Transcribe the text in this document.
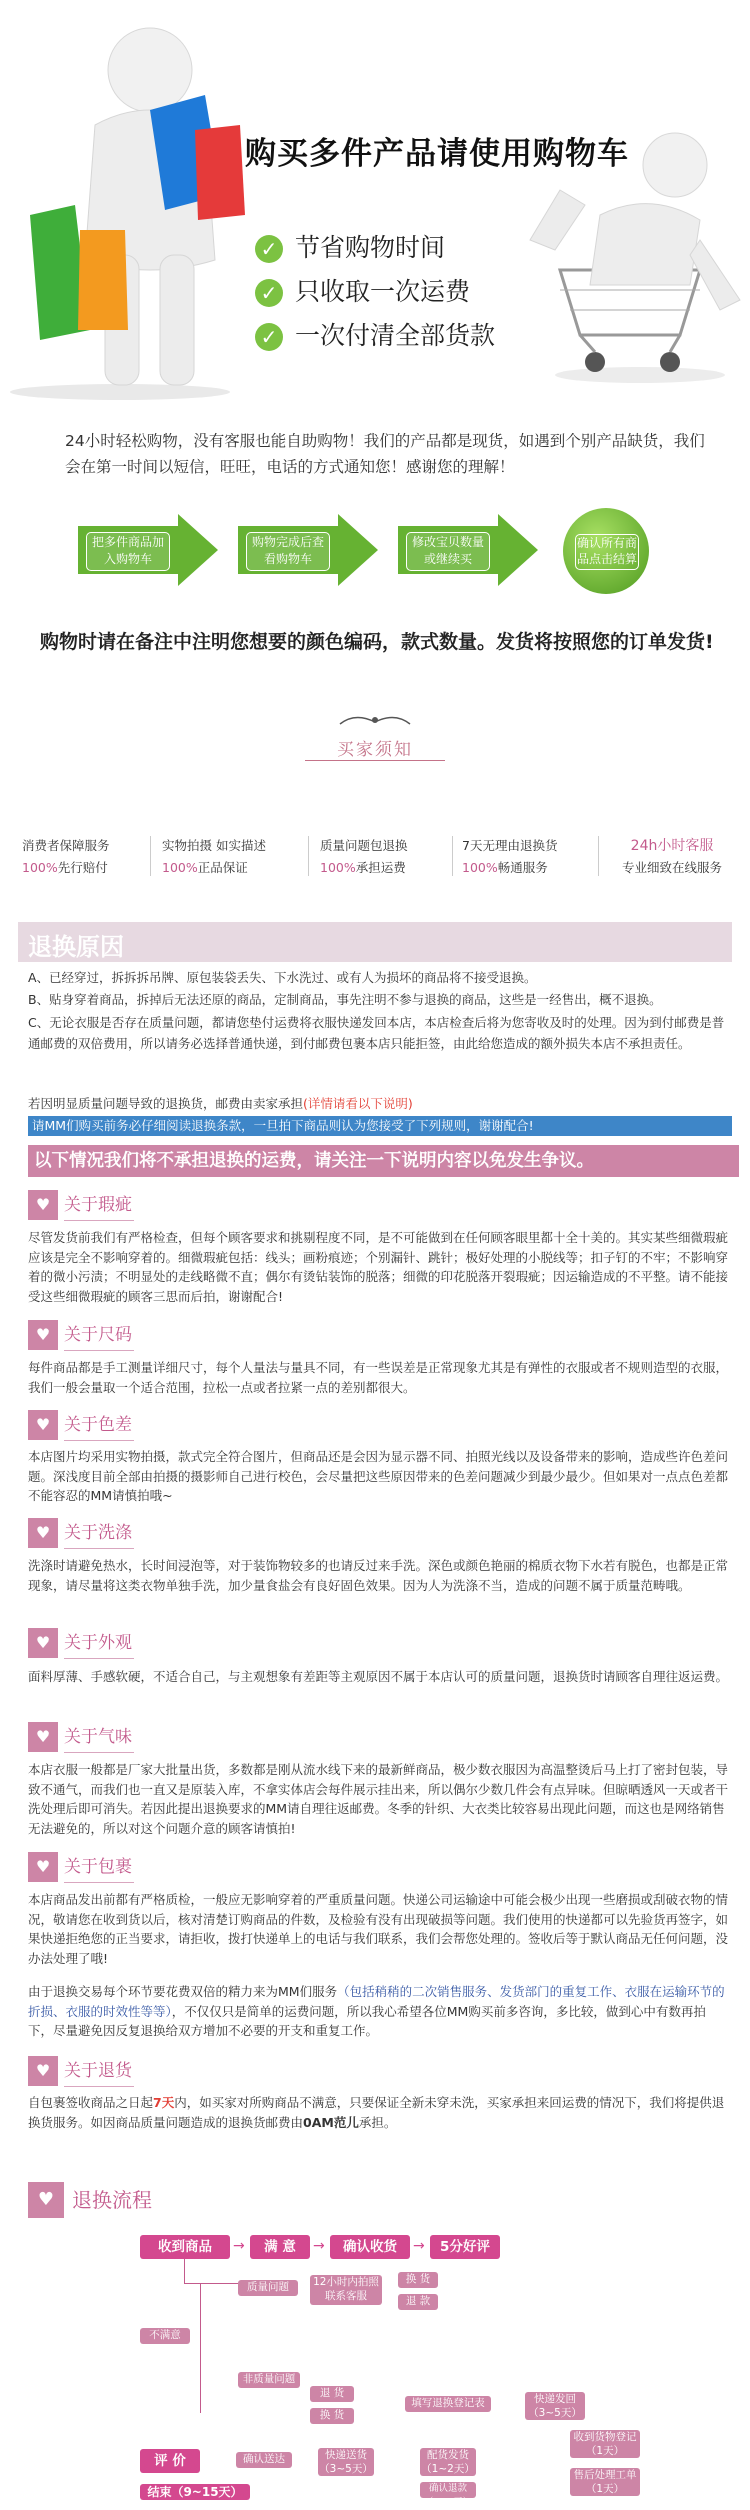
购买多件产品请使用购物车
✓ 节省购物时间
✓ 只收取一次运费
✓ 一次付清全部货款
24小时轻松购物，没有客服也能自助购物！我们的产品都是现货，如遇到个别产品缺货，我们会在第一时间以短信，旺旺，电话的方式通知您！感谢您的理解！
把多件商品加入购物车
购物完成后查看购物车
修改宝贝数量或继续买
确认所有商品点击结算
购物时请在备注中注明您想要的颜色编码，款式数量。发货将按照您的订单发货!
买家须知
消费者保障服务
100%先行赔付
实物拍摄 如实描述
100%正品保证
质量问题包退换
100%承担运费
7天无理由退换货
100%畅通服务
24h小时客服
专业细致在线服务
退换原因
A、已经穿过，拆拆拆吊牌、原包装袋丢失、下水洗过、或有人为损坏的商品将不接受退换。
B、贴身穿着商品，拆掉后无法还原的商品，定制商品，事先注明不参与退换的商品，这些是一经售出，概不退换。
C、无论衣服是否存在质量问题，都请您垫付运费将衣服快递发回本店，本店检查后将为您寄收及时的处理。因为到付邮费是普通邮费的双倍费用，所以请务必选择普通快递，到付邮费包裹本店只能拒签，由此给您造成的额外损失本店不承担责任。
若因明显质量问题导致的退换货，邮费由卖家承担(详情请看以下说明)
请MM们购买前务必仔细阅读退换条款，一旦拍下商品则认为您接受了下列规则，谢谢配合!
以下情况我们将不承担退换的运费，请关注一下说明内容以免发生争议。
♥ 关于瑕疵
尽管发货前我们有严格检查，但每个顾客要求和挑剔程度不同，是不可能做到在任何顾客眼里都十全十美的。其实某些细微瑕疵应该是完全不影响穿着的。细微瑕疵包括：线头；画粉痕迹；个别漏针、跳针；极好处理的小脱线等；扣子钉的不牢；不影响穿着的微小污渍；不明显处的走线略微不直；偶尔有烫钻装饰的脱落；细微的印花脱落开裂瑕疵；因运输造成的不平整。请不能接受这些细微瑕疵的顾客三思而后拍，谢谢配合!
♥ 关于尺码
每件商品都是手工测量详细尺寸，每个人量法与量具不同，有一些误差是正常现象尤其是有弹性的衣服或者不规则造型的衣服，我们一般会量取一个适合范围，拉松一点或者拉紧一点的差别都很大。
♥ 关于色差
本店图片均采用实物拍摄，款式完全符合图片，但商品还是会因为显示器不同、拍照光线以及设备带来的影响，造成些许色差问题。深浅度目前全部由拍摄的摄影师自己进行校色，会尽量把这些原因带来的色差问题减少到最少最少。但如果对一点点色差都不能容忍的MM请慎拍哦~
♥ 关于洗涤
洗涤时请避免热水，长时间浸泡等，对于装饰物较多的也请反过来手洗。深色或颜色艳丽的棉质衣物下水若有脱色，也都是正常现象，请尽量将这类衣物单独手洗，加少量食盐会有良好固色效果。因为人为洗涤不当，造成的问题不属于质量范畴哦。
♥ 关于外观
面料厚薄、手感软硬，不适合自己，与主观想象有差距等主观原因不属于本店认可的质量问题，退换货时请顾客自理往返运费。
♥ 关于气味
本店衣服一般都是厂家大批量出货，多数都是刚从流水线下来的最新鲜商品，极少数衣服因为高温整烫后马上打了密封包装，导致不通气，而我们也一直又是原装入库，不拿实体店会每件展示挂出来，所以偶尔少数几件会有点异味。但晾晒透风一天或者干洗处理后即可消失。若因此提出退换要求的MM请自理往返邮费。冬季的针织、大衣类比较容易出现此问题，而这也是网络销售无法避免的，所以对这个问题介意的顾客请慎拍!
♥ 关于包裹
本店商品发出前都有严格质检，一般应无影响穿着的严重质量问题。快递公司运输途中可能会极少出现一些磨损或刮破衣物的情况，敬请您在收到货以后，核对清楚订购商品的件数，及检验有没有出现破损等问题。我们使用的快递都可以先验货再签字，如果快递拒绝您的正当要求，请拒收，拨打快递单上的电话与我们联系，我们会帮您处理的。签收后等于默认商品无任何问题，没办法处理了哦!
由于退换交易每个环节要花费双倍的精力来为MM们服务（包括稍稍的二次销售服务、发货部门的重复工作、衣服在运输环节的折损、衣服的时效性等等），不仅仅只是简单的运费问题，所以我心希望各位MM购买前多咨询，多比较，做到心中有数再拍下，尽量避免因反复退换给双方增加不必要的开支和重复工作。
♥ 关于退货
自包裹签收商品之日起7天内，如买家对所购商品不满意，只要保证全新未穿未洗，买家承担来回运费的情况下，我们将提供退换货服务。如因商品质量问题造成的退换货邮费由0AM范儿承担。
♥ 退换流程
收到商品	→	满 意	→	确认收货	→	5分好评
质量问题	12小时内拍照联系客服
换 货
退 款
不满意
非质量问题
退 货
换 货
填写退换登记表	快递发回（3~5天）
收到货物登记（1天）
售后处理工单（1天）
配货发货（1~2天）
确认退款（1~2天）
快递送货（3~5天）
确认送达
评 价
结束（9~15天）
